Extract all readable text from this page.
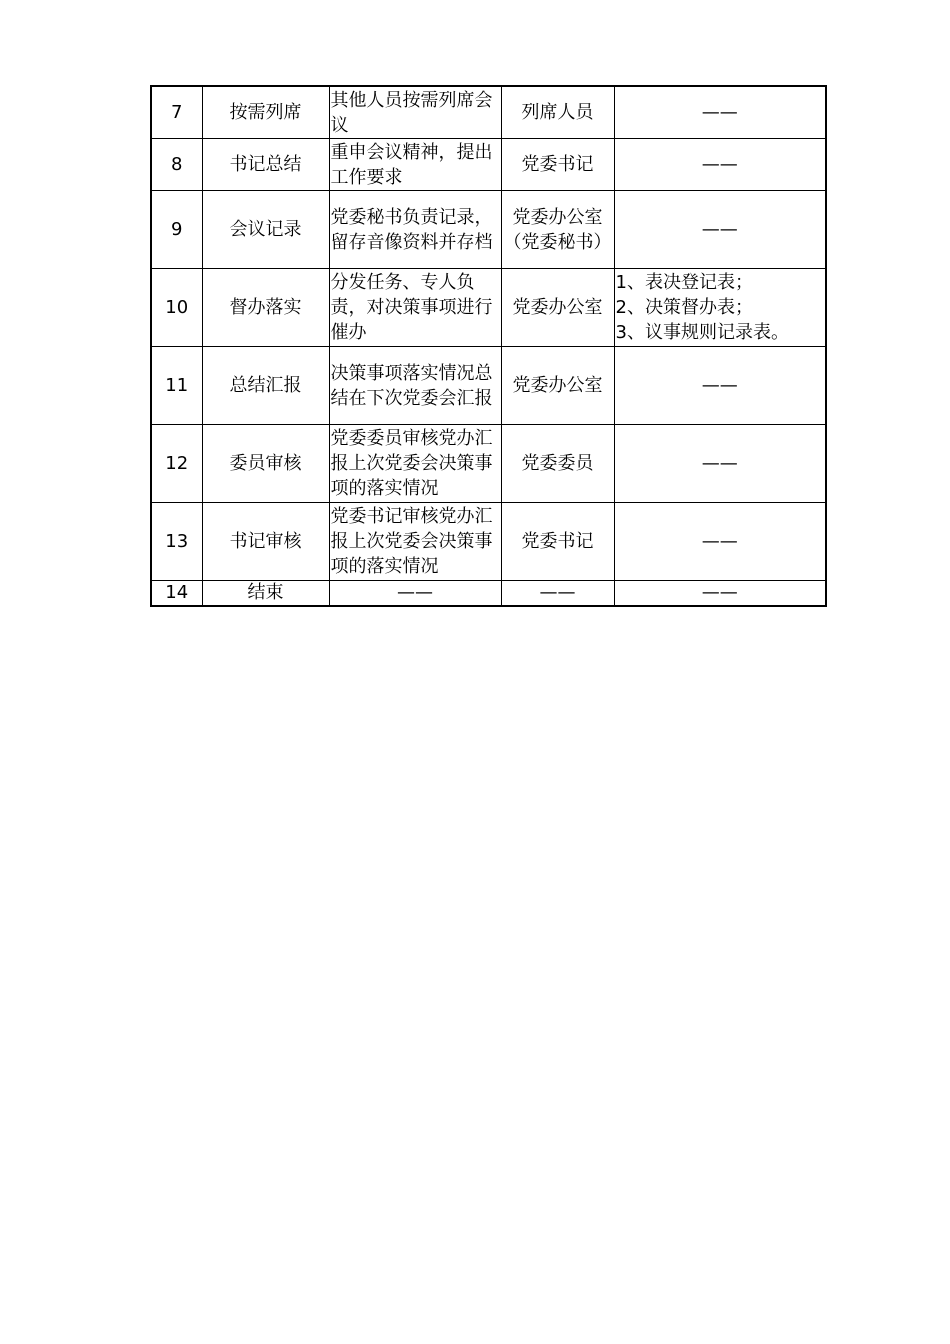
7	按需列席	其他人员按需列席会议	列席人员	——
8	书记总结	重申会议精神，提出工作要求	党委书记	——
9	会议记录	党委秘书负责记录，留存音像资料并存档	党委办公室（党委秘书）	——
10	督办落实	分发任务、专人负责，对决策事项进行催办	党委办公室	1、表决登记表；
2、决策督办表；
3、议事规则记录表。

11	总结汇报	决策事项落实情况总结在下次党委会汇报	党委办公室	——
12	委员审核	党委委员审核党办汇报上次党委会决策事项的落实情况	党委委员	——
13	书记审核	党委书记审核党办汇报上次党委会决策事项的落实情况	党委书记	——
14	结束	——	——	——
